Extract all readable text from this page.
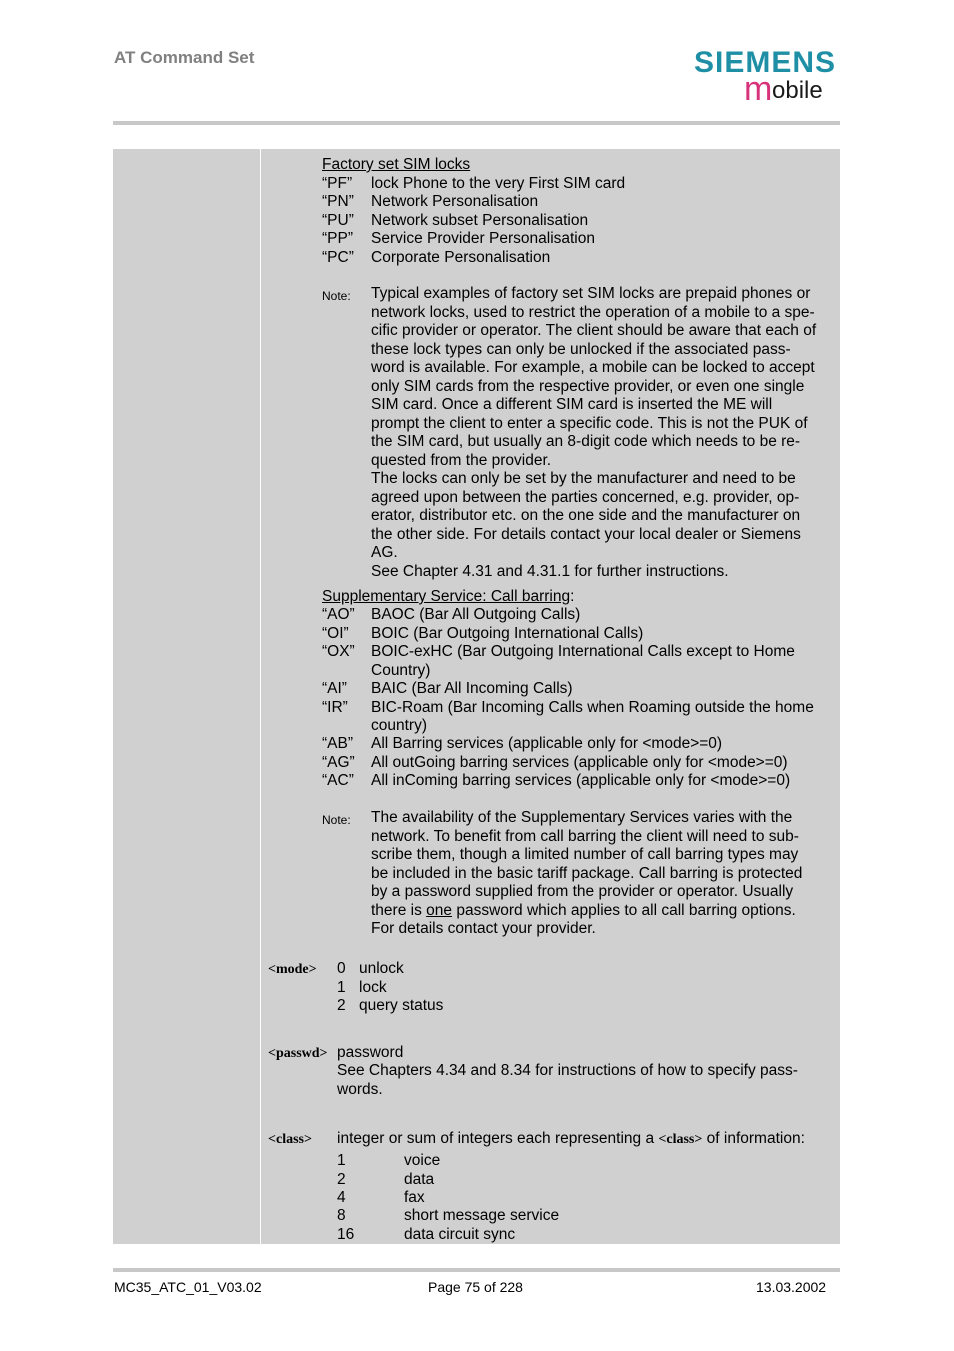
AT Command Set	SIEMENS
m obile
Factory set SIM locks
“PF” lock Phone to the very First SIM card
“PN” Network Personalisation
“PU” Network subset Personalisation
“PP” Service Provider Personalisation
“PC” Corporate Personalisation
Note: Typical examples of factory set SIM locks are prepaid phones or
network locks, used to restrict the operation of a mobile to a spe-
cific provider or operator. The client should be aware that each of
these lock types can only be unlocked if the associated pass-
word is available. For example, a mobile can be locked to accept
only SIM cards from the respective provider, or even one single
SIM card. Once a different SIM card is inserted the ME will
prompt the client to enter a specific code. This is not the PUK of
the SIM card, but usually an 8-digit code which needs to be re-
quested from the provider.
The locks can only be set by the manufacturer and need to be
agreed upon between the parties concerned, e.g. provider, op-
erator, distributor etc. on the one side and the manufacturer on
the other side. For details contact your local dealer or Siemens
AG.
See Chapter 4.31 and 4.31.1 for further instructions.
Supplementary Service: Call barring:
“AO” BAOC (Bar All Outgoing Calls)
“OI” BOIC (Bar Outgoing International Calls)
“OX” BOIC-exHC (Bar Outgoing International Calls except to Home
Country)
“AI” BAIC (Bar All Incoming Calls)
“IR” BIC-Roam (Bar Incoming Calls when Roaming outside the home
country)
“AB” All Barring services (applicable only for <mode>=0)
“AG” All outGoing barring services (applicable only for <mode>=0)
“AC” All inComing barring services (applicable only for <mode>=0)
Note: The availability of the Supplementary Services varies with the
network. To benefit from call barring the client will need to sub-
scribe them, though a limited number of call barring types may
be included in the basic tariff package. Call barring is protected
by a password supplied from the provider or operator. Usually
there is one password which applies to all call barring options.
For details contact your provider.
<mode> 0 unlock
1 lock
2 query status
<passwd> password
See Chapters 4.34 and 8.34 for instructions of how to specify pass-
words.
<class> integer or sum of integers each representing a <class> of information:
1	voice
2	data
4	fax
8	short message service
16	data circuit sync
MC35_ATC_01_V03.02	Page 75 of 228	13.03.2002
